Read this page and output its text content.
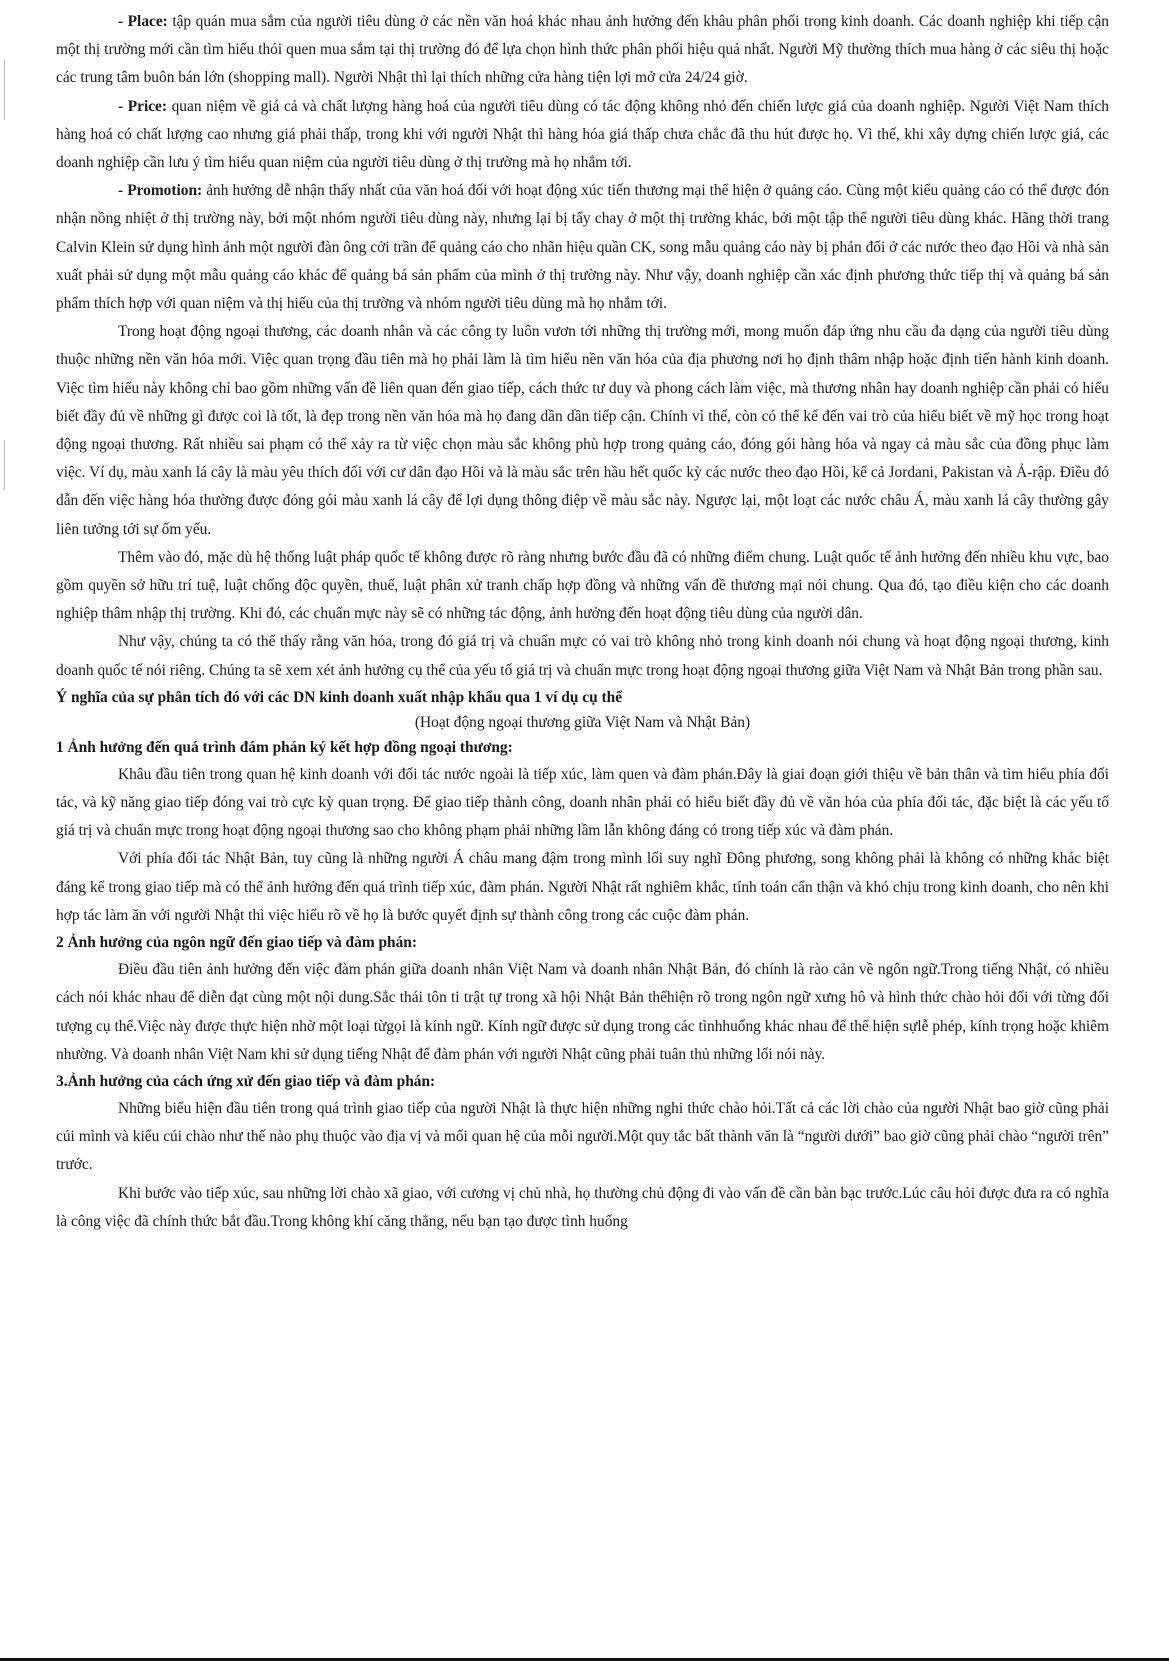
- Place: tập quán mua sắm của người tiêu dùng ở các nền văn hoá khác nhau ảnh hưởng đến khâu phân phối trong kinh doanh. Các doanh nghiệp khi tiếp cận một thị trường mới cần tìm hiểu thói quen mua sắm tại thị trường đó để lựa chọn hình thức phân phối hiệu quả nhất. Người Mỹ thường thích mua hàng ở các siêu thị hoặc các trung tâm buôn bán lớn (shopping mall). Người Nhật thì lại thích những cửa hàng tiện lợi mở cửa 24/24 giờ.

- Price: quan niệm về giá cả và chất lượng hàng hoá của người tiêu dùng có tác động không nhỏ đến chiến lược giá của doanh nghiệp. Người Việt Nam thích hàng hoá có chất lượng cao nhưng giá phải thấp, trong khi với người Nhật thì hàng hóa giá thấp chưa chắc đã thu hút được họ. Vì thế, khi xây dựng chiến lược giá, các doanh nghiệp cần lưu ý tìm hiểu quan niệm của người tiêu dùng ở thị trường mà họ nhắm tới.

- Promotion: ảnh hưởng dễ nhận thấy nhất của văn hoá đối với hoạt động xúc tiến thương mại thể hiện ở quảng cáo. Cùng một kiểu quảng cáo có thể được đón nhận nồng nhiệt ở thị trường này, bởi một nhóm người tiêu dùng này, nhưng lại bị tẩy chay ở một thị trường khác, bởi một tập thể người tiêu dùng khác. Hãng thời trang Calvin Klein sử dụng hình ảnh một người đàn ông cởi trần để quảng cáo cho nhãn hiệu quần CK, song mẫu quảng cáo này bị phản đối ở các nước theo đạo Hồi và nhà sản xuất phải sử dụng một mẫu quảng cáo khác để quảng bá sản phẩm của mình ở thị trường này. Như vậy, doanh nghiệp cần xác định phương thức tiếp thị và quảng bá sản phẩm thích hợp với quan niệm và thị hiếu của thị trường và nhóm người tiêu dùng mà họ nhắm tới.

Trong hoạt động ngoại thương, các doanh nhân và các công ty luôn vươn tới những thị trường mới, mong muốn đáp ứng nhu cầu đa dạng của người tiêu dùng thuộc những nền văn hóa mới. Việc quan trọng đầu tiên mà họ phải làm là tìm hiểu nền văn hóa của địa phương nơi họ định thâm nhập hoặc định tiến hành kinh doanh. Việc tìm hiểu này không chỉ bao gồm những vấn đề liên quan đến giao tiếp, cách thức tư duy và phong cách làm việc, mà thương nhân hay doanh nghiệp cần phải có hiểu biết đầy đủ về những gì được coi là tốt, là đẹp trong nền văn hóa mà họ đang dần dần tiếp cận. Chính vì thế, còn có thể kể đến vai trò của hiểu biết về mỹ học trong hoạt động ngoại thương. Rất nhiều sai phạm có thể xảy ra từ việc chọn màu sắc không phù hợp trong quảng cáo, đóng gói hàng hóa và ngay cả màu sắc của đồng phục làm việc. Ví dụ, màu xanh lá cây là màu yêu thích đối với cư dân đạo Hồi và là màu sắc trên hầu hết quốc kỳ các nước theo đạo Hồi, kể cả Jordani, Pakistan và Ả-rập. Điều đó dẫn đến việc hàng hóa thường được đóng gói màu xanh lá cây để lợi dụng thông điệp về màu sắc này. Ngược lại, một loạt các nước châu Á, màu xanh lá cây thường gây liên tưởng tới sự ốm yếu.

Thêm vào đó, mặc dù hệ thống luật pháp quốc tế không được rõ ràng nhưng bước đầu đã có những điểm chung. Luật quốc tế ảnh hưởng đến nhiều khu vực, bao gồm quyền sở hữu trí tuệ, luật chống độc quyền, thuế, luật phân xử tranh chấp hợp đồng và những vấn đề thương mại nói chung. Qua đó, tạo điều kiện cho các doanh nghiệp thâm nhập thị trường. Khi đó, các chuẩn mực này sẽ có những tác động, ảnh hưởng đến hoạt động tiêu dùng của người dân.

Như vậy, chúng ta có thể thấy rằng văn hóa, trong đó giá trị và chuẩn mực có vai trò không nhỏ trong kinh doanh nói chung và hoạt động ngoại thương, kinh doanh quốc tế nói riêng. Chúng ta sẽ xem xét ảnh hưởng cụ thể của yếu tố giá trị và chuẩn mực trong hoạt động ngoại thương giữa Việt Nam và Nhật Bản trong phần sau.

Ý nghĩa của sự phân tích đó với các DN kinh doanh xuất nhập khẩu qua 1 ví dụ cụ thể

(Hoạt động ngoại thương giữa Việt Nam và Nhật Bản)

1 Ảnh hưởng đến quá trình đám phán ký kết hợp đồng ngoại thương:

Khâu đầu tiên trong quan hệ kinh doanh với đối tác nước ngoài là tiếp xúc, làm quen và đàm phán.Đây là giai đoạn giới thiệu về bản thân và tìm hiểu phía đối tác, và kỹ năng giao tiếp đóng vai trò cực kỳ quan trọng. Để giao tiếp thành công, doanh nhân phải có hiểu biết đầy đủ về văn hóa của phía đối tác, đặc biệt là các yếu tố giá trị và chuẩn mực trong hoạt động ngoại thương sao cho không phạm phải những lầm lẫn không đáng có trong tiếp xúc và đàm phán.

Với phía đối tác Nhật Bản, tuy cũng là những người Á châu mang đậm trong mình lối suy nghĩ Đông phương, song không phải là không có những khác biệt đáng kể trong giao tiếp mà có thể ảnh hưởng đến quá trình tiếp xúc, đàm phán. Người Nhật rất nghiêm khắc, tính toán cẩn thận và khó chịu trong kinh doanh, cho nên khi hợp tác làm ăn với người Nhật thì việc hiểu rõ về họ là bước quyết định sự thành công trong các cuộc đàm phán.

2 Ảnh hưởng của ngôn ngữ đến giao tiếp và đàm phán:

Điều đầu tiên ảnh hưởng đến việc đàm phán giữa doanh nhân Việt Nam và doanh nhân Nhật Bản, đó chính là rào cản về ngôn ngữ.Trong tiếng Nhật, có nhiều cách nói khác nhau để diễn đạt cùng một nội dung.Sắc thái tôn ti trật tự trong xã hội Nhật Bản thểhiện rõ trong ngôn ngữ xưng hô và hình thức chào hỏi đối với từng đối tượng cụ thể.Việc này được thực hiện nhờ một loại từgọi là kính ngữ. Kính ngữ được sử dụng trong các tìnhhuống khác nhau để thể hiện sựlễ phép, kính trọng hoặc khiêm nhường. Và doanh nhân Việt Nam khi sử dụng tiếng Nhật để đàm phán với người Nhật cũng phải tuân thủ những lối nói này.

3.Ảnh hưởng của cách ứng xử đến giao tiếp và đàm phán:

Những biểu hiện đầu tiên trong quá trình giao tiếp của người Nhật là thực hiện những nghi thức chào hỏi.Tất cả các lời chào của người Nhật bao giờ cũng phải cúi mình và kiểu cúi chào như thế nào phụ thuộc vào địa vị và mối quan hệ của mỗi người.Một quy tắc bất thành văn là “người dưới” bao giờ cũng phải chào “người trên” trước.

Khi bước vào tiếp xúc, sau những lời chào xã giao, với cương vị chủ nhà, họ thường chủ động đi vào vấn đề cần bàn bạc trước.Lúc câu hỏi được đưa ra có nghĩa là công việc đã chính thức bắt đầu.Trong không khí căng thẳng, nếu bạn tạo được tình huống
